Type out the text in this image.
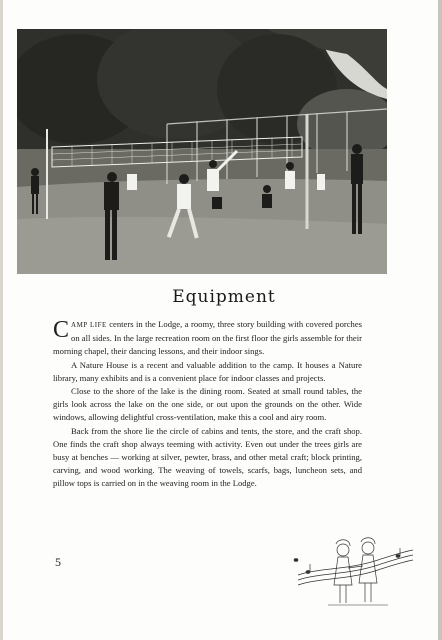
Equipment

CAMP LIFE centers in the Lodge, a roomy, three story building with covered porches on all sides. In the large recreation room on the first floor the girls assemble for their morning chapel, their dancing lessons, and their indoor sings.

A Nature House is a recent and valuable addition to the camp. It houses a Nature library, many exhibits and is a convenient place for indoor classes and projects.

Close to the shore of the lake is the dining room. Seated at small round tables, the girls look across the lake on the one side, or out upon the grounds on the other. Wide windows, allowing delightful cross-ventilation, make this a cool and airy room.

Back from the shore lie the circle of cabins and tents, the store, and the craft shop. One finds the craft shop always teeming with activity. Even out under the trees girls are busy at benches — working at silver, pewter, brass, and other metal craft; block printing, carving, and wood working. The weaving of towels, scarfs, bags, luncheon sets, and pillow tops is carried on in the weaving room in the Lodge.

5
